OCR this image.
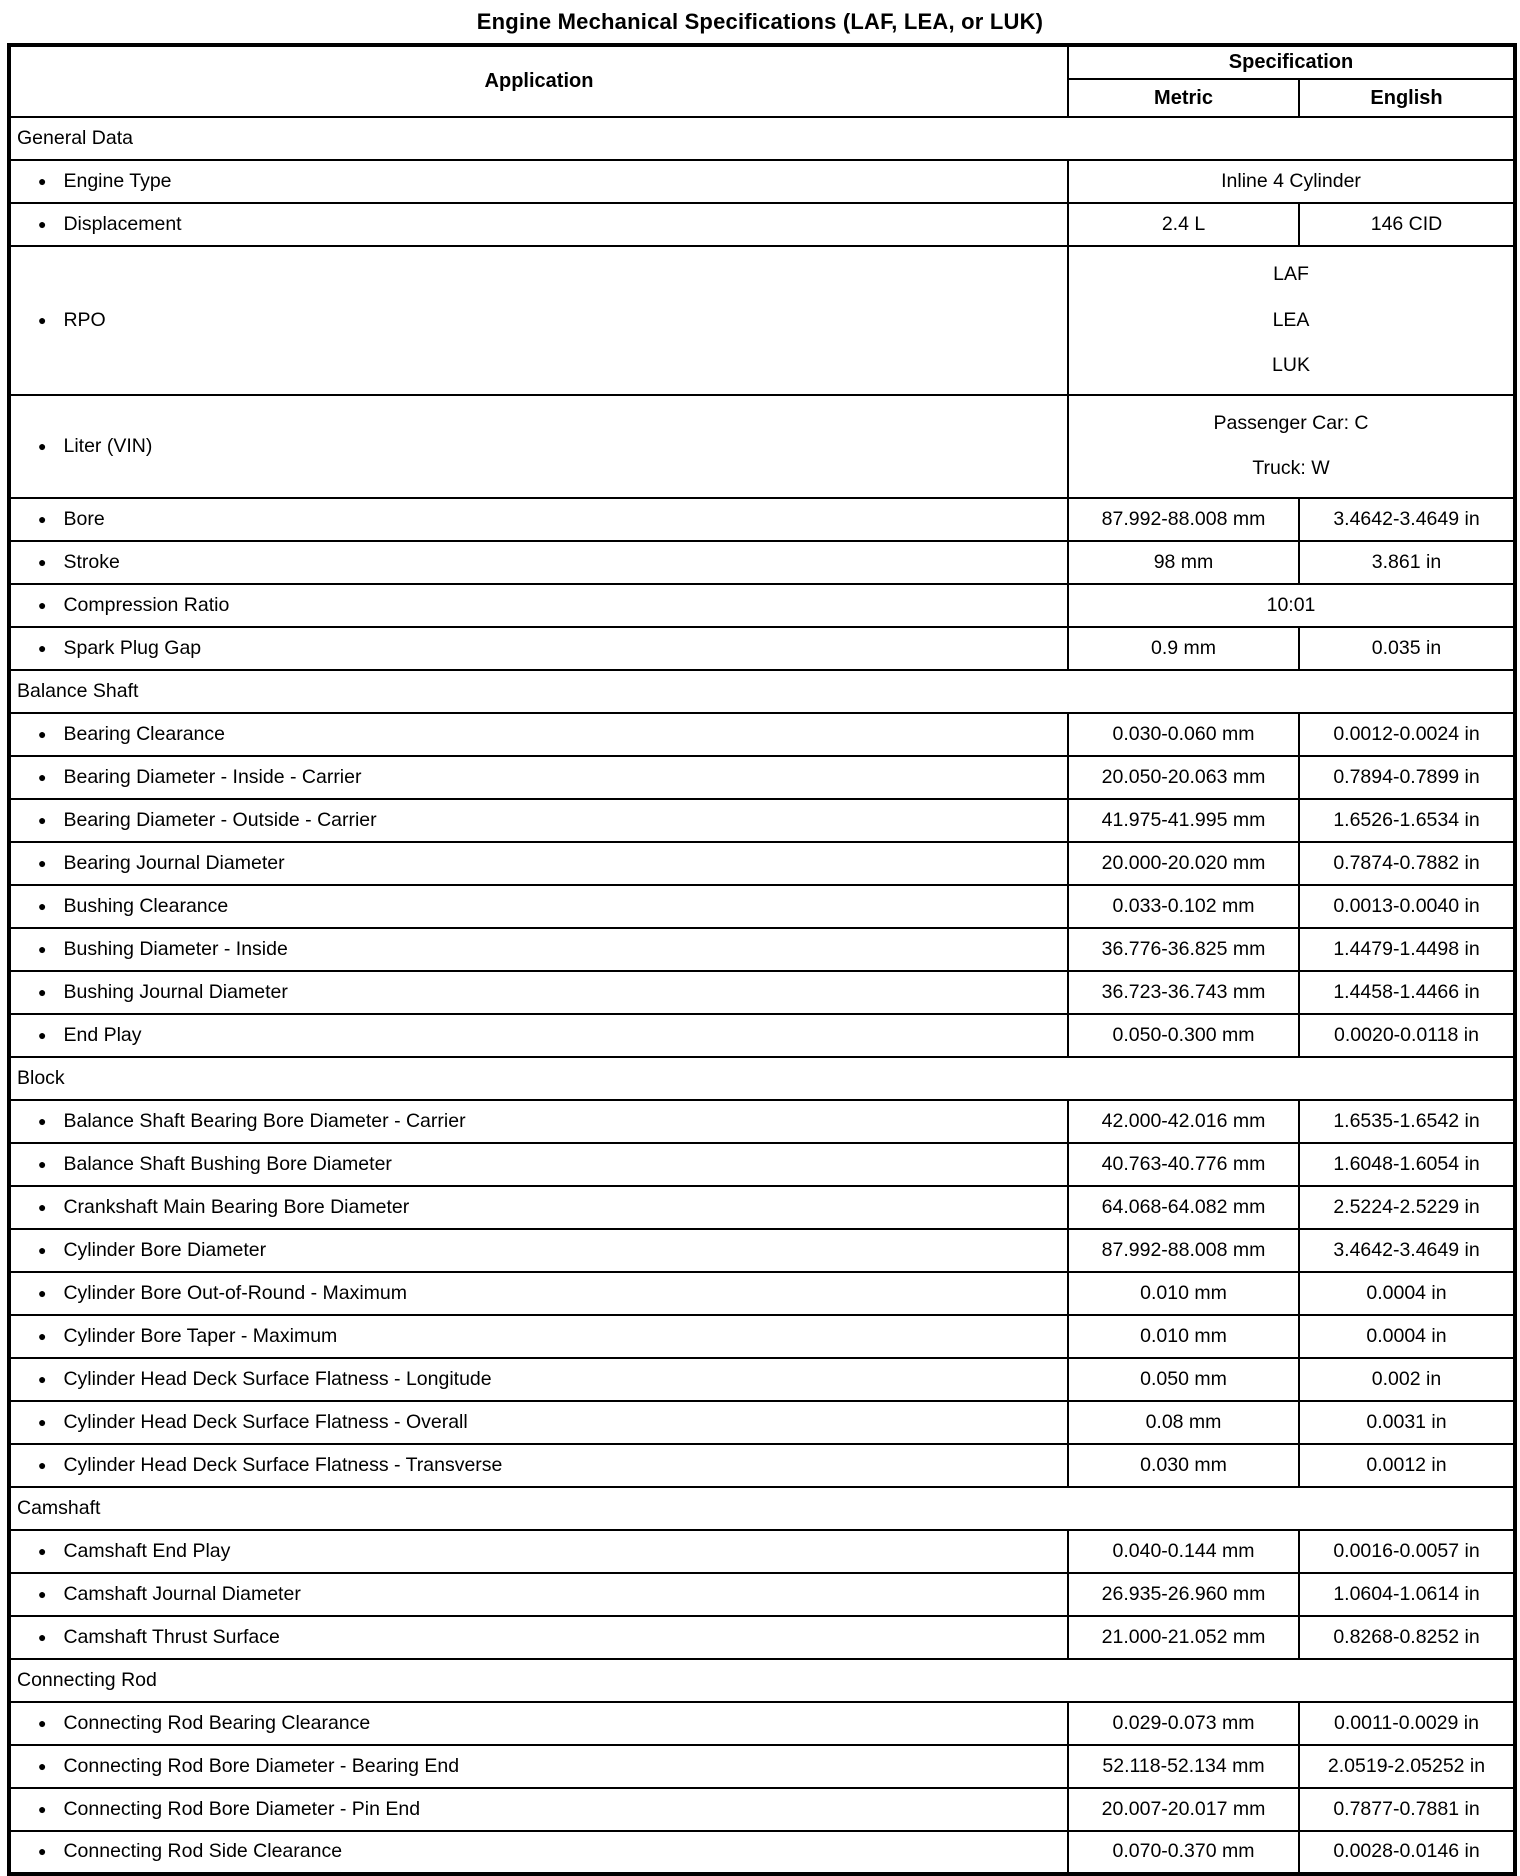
Engine Mechanical Specifications (LAF, LEA, or LUK)
Application	Specification	
	Metric	English
General Data		
● Engine Type	Inline 4 Cylinder	
● Displacement	2.4 L	146 CID
● RPO	LAF
LEA
LUK	

● Liter (VIN)	Passenger Car: C
Truck: W	

● Bore	87.992-88.008 mm	3.4642-3.4649 in
● Stroke	98 mm	3.861 in
● Compression Ratio	10:01	
● Spark Plug Gap	0.9 mm	0.035 in
Balance Shaft		
● Bearing Clearance	0.030-0.060 mm	0.0012-0.0024 in
● Bearing Diameter - Inside - Carrier	20.050-20.063 mm	0.7894-0.7899 in
● Bearing Diameter - Outside - Carrier	41.975-41.995 mm	1.6526-1.6534 in
● Bearing Journal Diameter	20.000-20.020 mm	0.7874-0.7882 in
● Bushing Clearance	0.033-0.102 mm	0.0013-0.0040 in
● Bushing Diameter - Inside	36.776-36.825 mm	1.4479-1.4498 in
● Bushing Journal Diameter	36.723-36.743 mm	1.4458-1.4466 in
● End Play	0.050-0.300 mm	0.0020-0.0118 in
Block		
● Balance Shaft Bearing Bore Diameter - Carrier	42.000-42.016 mm	1.6535-1.6542 in
● Balance Shaft Bushing Bore Diameter	40.763-40.776 mm	1.6048-1.6054 in
● Crankshaft Main Bearing Bore Diameter	64.068-64.082 mm	2.5224-2.5229 in
● Cylinder Bore Diameter	87.992-88.008 mm	3.4642-3.4649 in
● Cylinder Bore Out-of-Round - Maximum	0.010 mm	0.0004 in
● Cylinder Bore Taper - Maximum	0.010 mm	0.0004 in
● Cylinder Head Deck Surface Flatness - Longitude	0.050 mm	0.002 in
● Cylinder Head Deck Surface Flatness - Overall	0.08 mm	0.0031 in
● Cylinder Head Deck Surface Flatness - Transverse	0.030 mm	0.0012 in
Camshaft		
● Camshaft End Play	0.040-0.144 mm	0.0016-0.0057 in
● Camshaft Journal Diameter	26.935-26.960 mm	1.0604-1.0614 in
● Camshaft Thrust Surface	21.000-21.052 mm	0.8268-0.8252 in
Connecting Rod		
● Connecting Rod Bearing Clearance	0.029-0.073 mm	0.0011-0.0029 in
● Connecting Rod Bore Diameter - Bearing End	52.118-52.134 mm	2.0519-2.05252 in
● Connecting Rod Bore Diameter - Pin End	20.007-20.017 mm	0.7877-0.7881 in
● Connecting Rod Side Clearance	0.070-0.370 mm	0.0028-0.0146 in
